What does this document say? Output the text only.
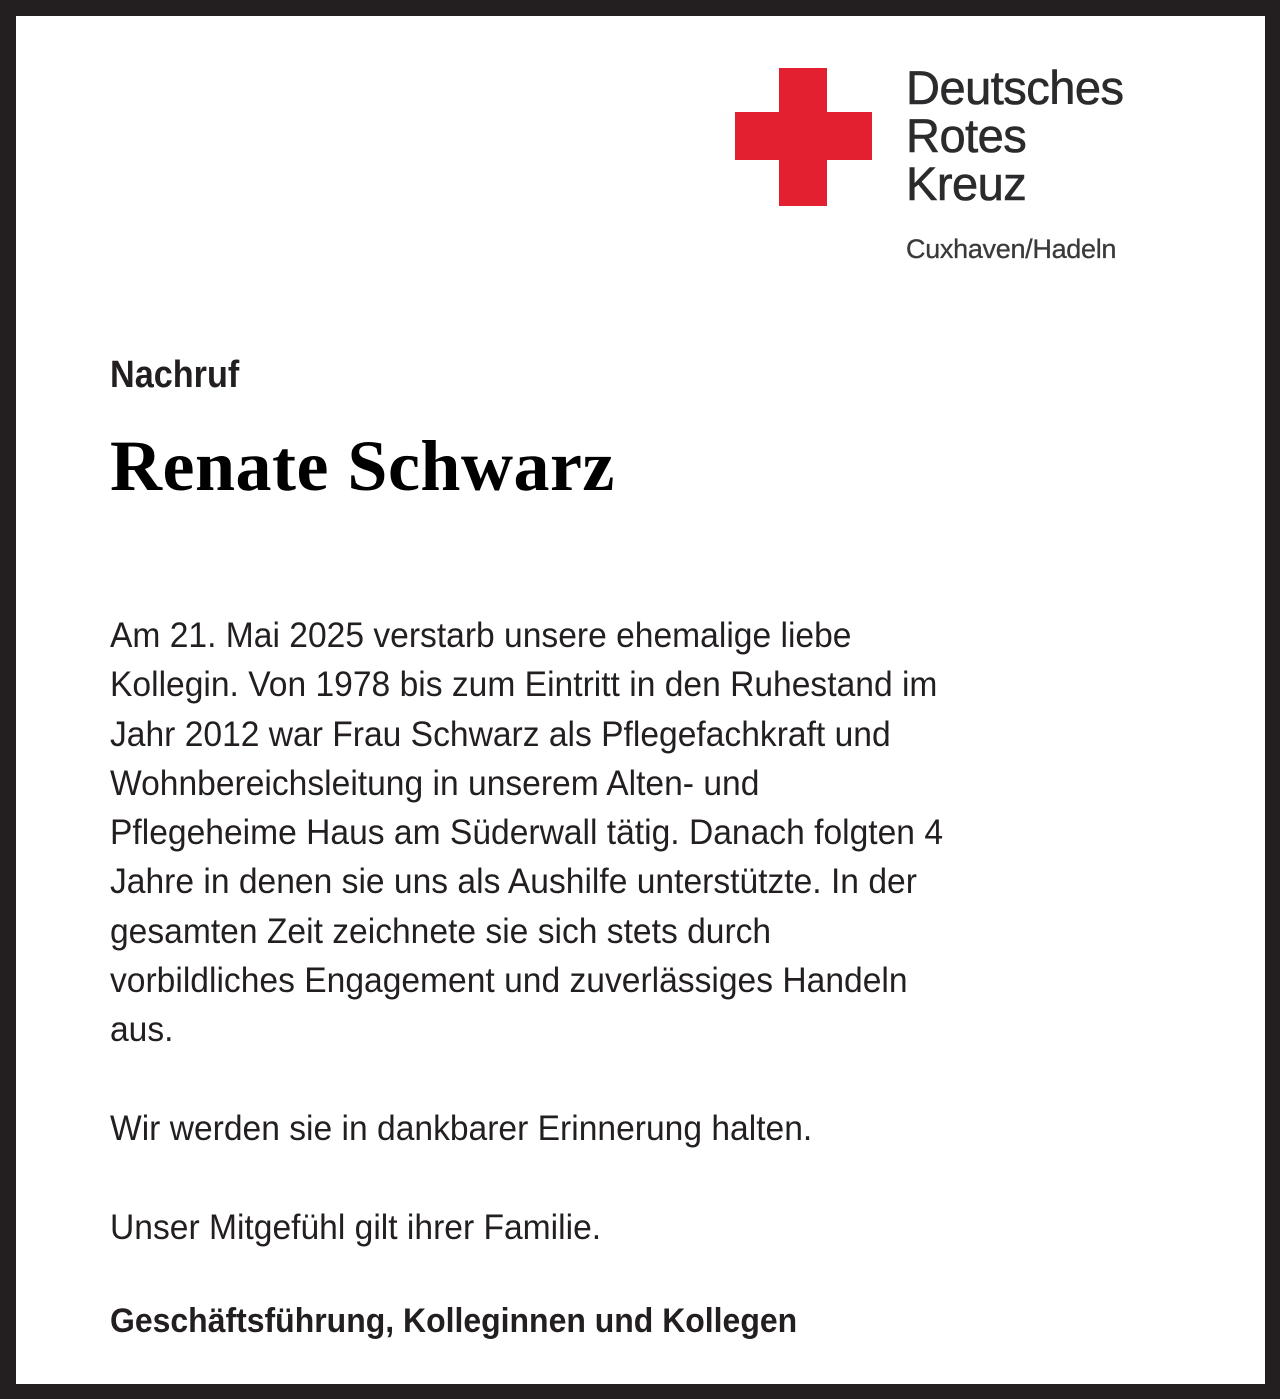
Deutsches
Rotes
Kreuz
Cuxhaven/Hadeln
Nachruf
Renate Schwarz

Am 21. Mai 2025 verstarb unsere ehemalige liebe
Kollegin. Von 1978 bis zum Eintritt in den Ruhestand im
Jahr 2012 war Frau Schwarz als Pflegefachkraft und
Wohnbereichsleitung in unserem Alten- und
Pflegeheime Haus am Süderwall tätig. Danach folgten 4
Jahre in denen sie uns als Aushilfe unterstützte. In der
gesamten Zeit zeichnete sie sich stets durch
vorbildliches Engagement und zuverlässiges Handeln
aus.

Wir werden sie in dankbarer Erinnerung halten.

Unser Mitgefühl gilt ihrer Familie.

Geschäftsführung, Kolleginnen und Kollegen
